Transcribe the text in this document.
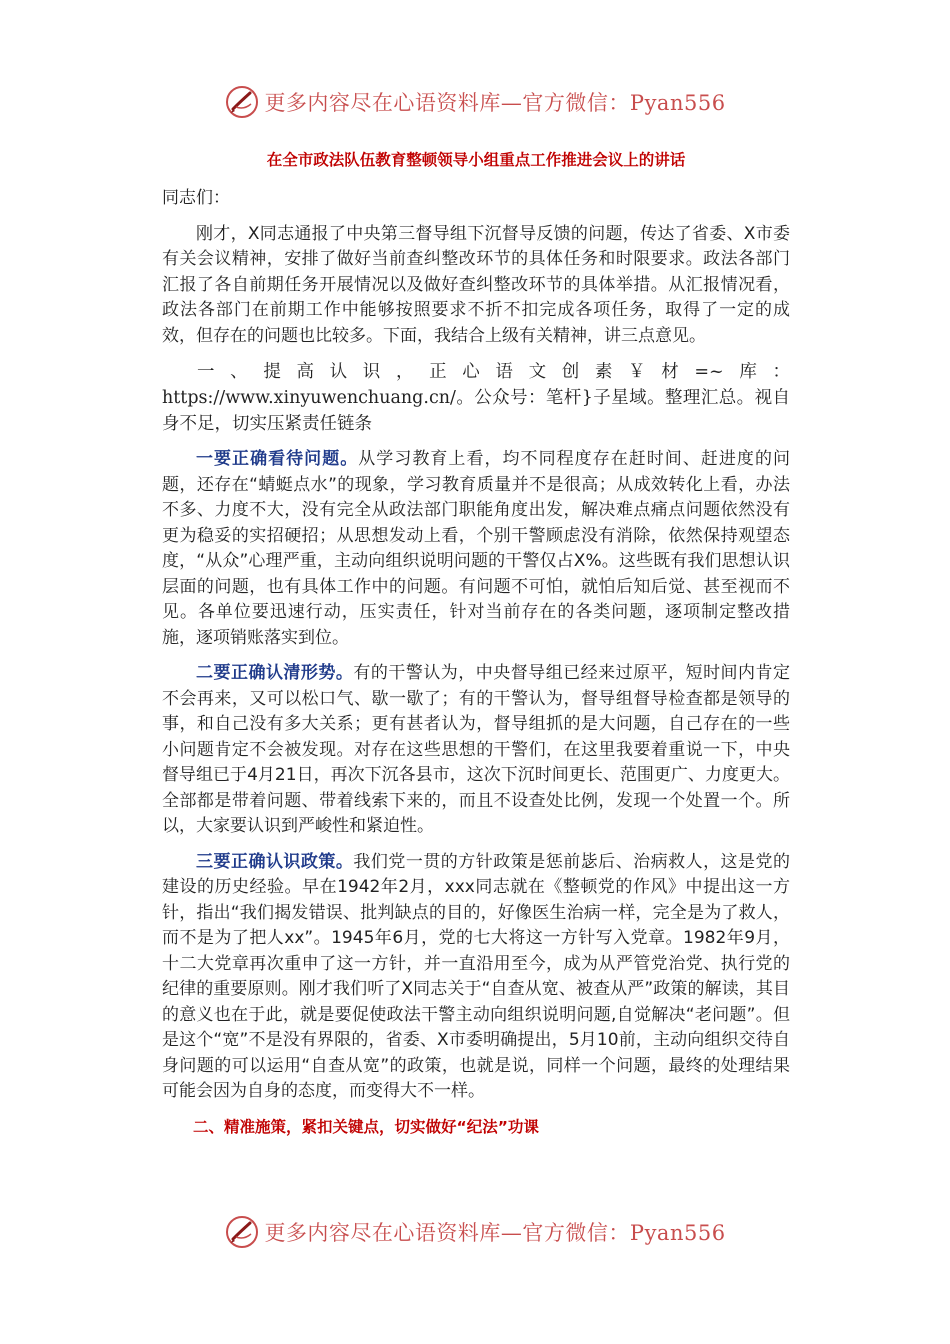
更多内容尽在心语资料库—官方微信：Pyan556
在全市政法队伍教育整顿领导小组重点工作推进会议上的讲话

同志们：

刚才，X同志通报了中央第三督导组下沉督导反馈的问题，传达了省委、X市委有关会议精神，安排了做好当前查纠整改环节的具体任务和时限要求。政法各部门汇报了各自前期任务开展情况以及做好查纠整改环节的具体举措。从汇报情况看，政法各部门在前期工作中能够按照要求不折不扣完成各项任务，取得了一定的成效，但存在的问题也比较多。下面，我结合上级有关精神，讲三点意见。

一、提高认识，正心语文创素￥材=~库：https://www.xinyuwenchuang.cn/。公众号：笔杆}子星域。整理汇总。视自身不足，切实压紧责任链条

一要正确看待问题。从学习教育上看，均不同程度存在赶时间、赶进度的问题，还存在“蜻蜓点水”的现象，学习教育质量并不是很高；从成效转化上看，办法不多、力度不大，没有完全从政法部门职能角度出发，解决难点痛点问题依然没有更为稳妥的实招硬招；从思想发动上看，个别干警顾虑没有消除，依然保持观望态度，“从众”心理严重，主动向组织说明问题的干警仅占X%。这些既有我们思想认识层面的问题，也有具体工作中的问题。有问题不可怕，就怕后知后觉、甚至视而不见。各单位要迅速行动，压实责任，针对当前存在的各类问题，逐项制定整改措施，逐项销账落实到位。

二要正确认清形势。有的干警认为，中央督导组已经来过原平，短时间内肯定不会再来，又可以松口气、歇一歇了；有的干警认为，督导组督导检查都是领导的事，和自己没有多大关系；更有甚者认为，督导组抓的是大问题，自己存在的一些小问题肯定不会被发现。对存在这些思想的干警们，在这里我要着重说一下，中央督导组已于4月21日，再次下沉各县市，这次下沉时间更长、范围更广、力度更大。全部都是带着问题、带着线索下来的，而且不设查处比例，发现一个处置一个。所以，大家要认识到严峻性和紧迫性。

三要正确认识政策。我们党一贯的方针政策是惩前毖后、治病救人，这是党的建设的历史经验。早在1942年2月，xxx同志就在《整顿党的作风》中提出这一方针，指出“我们揭发错误、批判缺点的目的，好像医生治病一样，完全是为了救人，而不是为了把人xx”。1945年6月，党的七大将这一方针写入党章。1982年9月，十二大党章再次重申了这一方针，并一直沿用至今，成为从严管党治党、执行党的纪律的重要原则。刚才我们听了X同志关于“自查从宽、被查从严”政策的解读，其目的意义也在于此，就是要促使政法干警主动向组织说明问题,自觉解决“老问题”。但是这个“宽”不是没有界限的，省委、X市委明确提出，5月10前，主动向组织交待自身问题的可以运用“自查从宽”的政策，也就是说，同样一个问题，最终的处理结果可能会因为自身的态度，而变得大不一样。

二、精准施策，紧扣关键点，切实做好“纪法”功课

更多内容尽在心语资料库—官方微信：Pyan556
